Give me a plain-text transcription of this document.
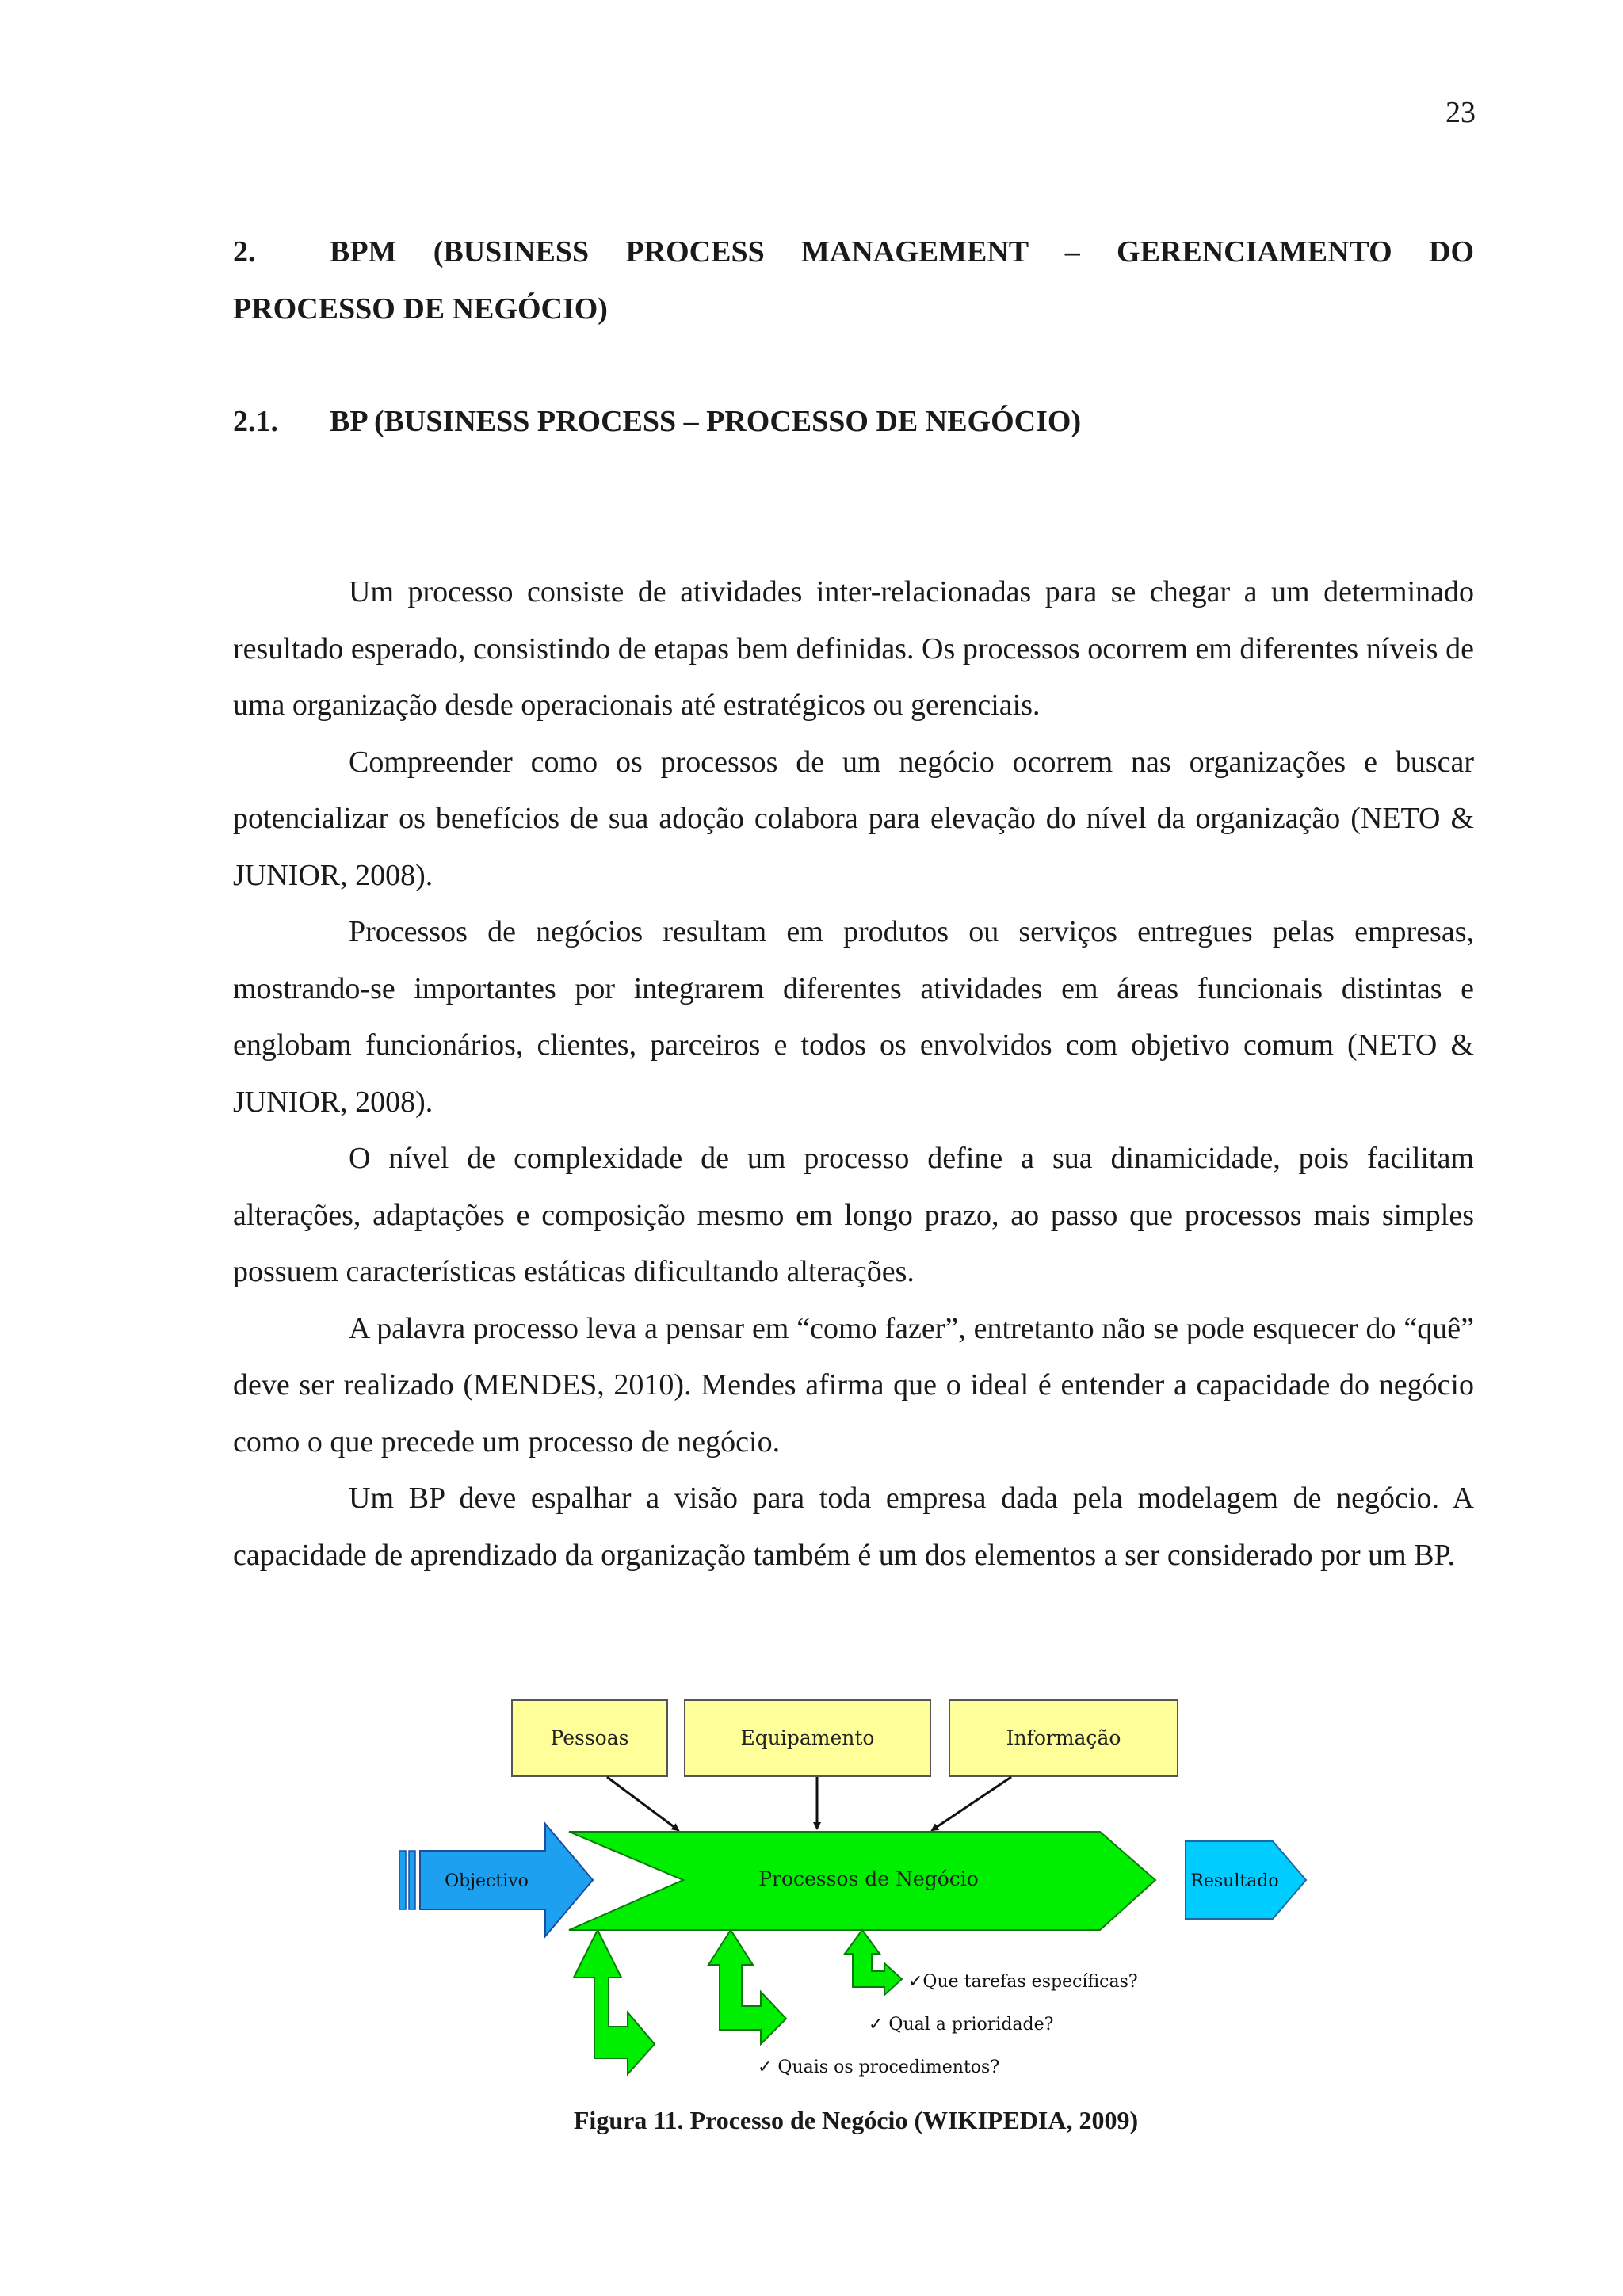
23
2. BPM (BUSINESS PROCESS MANAGEMENT – GERENCIAMENTO DO
PROCESSO DE NEGÓCIO)
2.1. BP (BUSINESS PROCESS – PROCESSO DE NEGÓCIO)

Um processo consiste de atividades inter-relacionadas para se chegar a um determinado resultado esperado, consistindo de etapas bem definidas. Os processos ocorrem em diferentes níveis de uma organização desde operacionais até estratégicos ou gerenciais.

Compreender como os processos de um negócio ocorrem nas organizações e buscar potencializar os benefícios de sua adoção colabora para elevação do nível da organização (NETO & JUNIOR, 2008).

Processos de negócios resultam em produtos ou serviços entregues pelas empresas, mostrando-se importantes por integrarem diferentes atividades em áreas funcionais distintas e englobam funcionários, clientes, parceiros e todos os envolvidos com objetivo comum (NETO & JUNIOR, 2008).

O nível de complexidade de um processo define a sua dinamicidade, pois facilitam alterações, adaptações e composição mesmo em longo prazo, ao passo que processos mais simples possuem características estáticas dificultando alterações.

A palavra processo leva a pensar em “como fazer”, entretanto não se pode esquecer do “quê” deve ser realizado (MENDES, 2010). Mendes afirma que o ideal é entender a capacidade do negócio como o que precede um processo de negócio.

Um BP deve espalhar a visão para toda empresa dada pela modelagem de negócio. A capacidade de aprendizado da organização também é um dos elementos a ser considerado por um BP.

Pessoas	Equipamento	Informação
Objectivo	Processos de Negócio	Resultado
✓Que tarefas específicas?
✓ Qual a prioridade?
✓ Quais os procedimentos?
Figura 11. Processo de Negócio (WIKIPEDIA, 2009)
